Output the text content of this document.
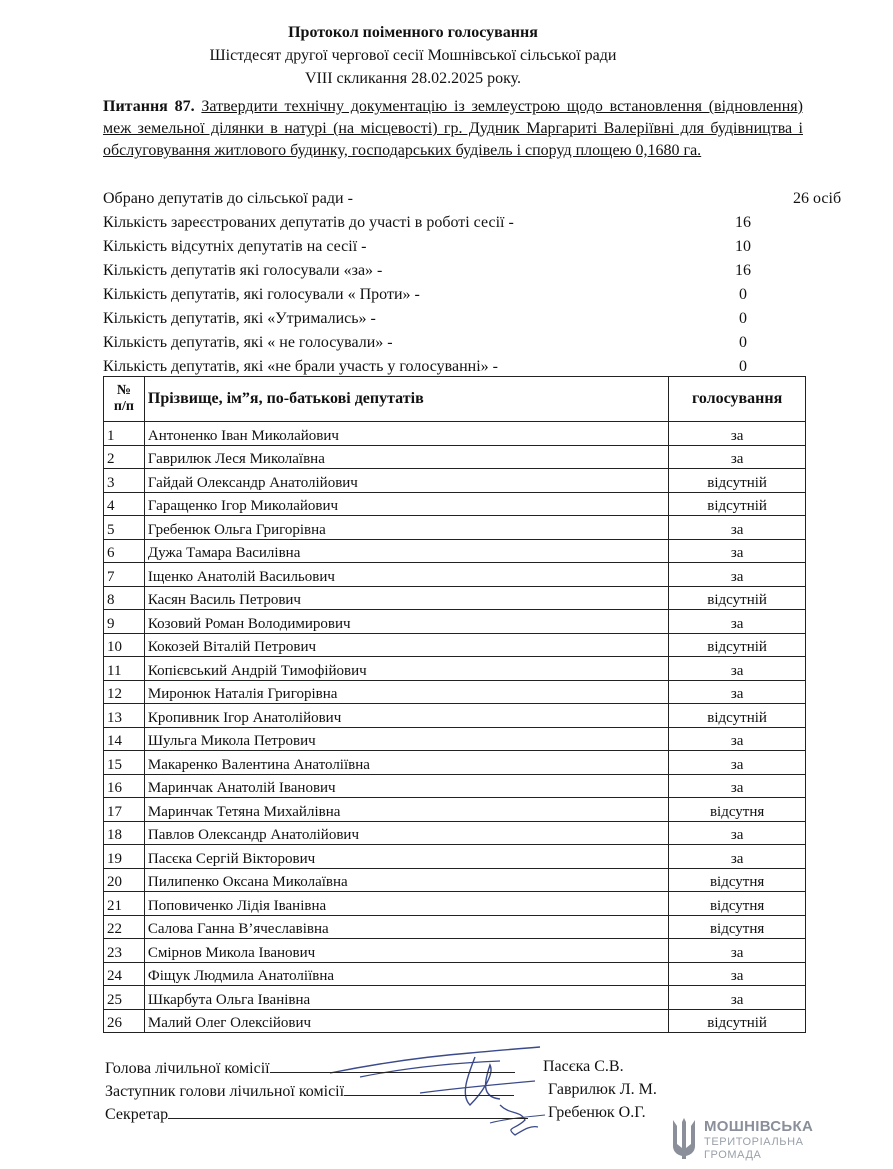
Протокол поіменного голосування
Шістдесят другої чергової сесії Мошнівської сільської ради
VIII скликання 28.02.2025 року.
Питання 87. Затвердити технічну документацію із землеустрою щодо встановлення (відновлення) меж земельної ділянки в натурі (на місцевості) гр. Дудник Маргариті Валеріївні для будівництва і обслуговування житлового будинку, господарських будівель і споруд площею 0,1680 га.
Обрано депутатів до сільської ради -	26 осіб
Кількість зареєстрованих депутатів до участі в роботі сесії -	16
Кількість відсутніх депутатів на сесії -	10
Кількість депутатів які голосували «за» -	16
Кількість депутатів, які голосували « Проти» -	0
Кількість депутатів, які «Утримались» -	0
Кількість депутатів, які « не голосували» -	0
Кількість депутатів, які «не брали участь у голосуванні» -	0
№
п/п	Прізвище, ім”я, по-батькові депутатів	голосування
1	Антоненко Іван Миколайович	за
2	Гаврилюк Леся Миколаївна	за
3	Гайдай Олександр Анатолійович	відсутній
4	Гаращенко Ігор Миколайович	відсутній
5	Гребенюк Ольга Григорівна	за
6	Дужа Тамара Василівна	за
7	Іщенко Анатолій Васильович	за
8	Касян Василь Петрович	відсутній
9	Козовий Роман Володимирович	за
10	Кокозей Віталій Петрович	відсутній
11	Копієвський Андрій Тимофійович	за
12	Миронюк Наталія Григорівна	за
13	Кропивник Ігор Анатолійович	відсутній
14	Шульга Микола Петрович	за
15	Макаренко Валентина Анатоліївна	за
16	Маринчак Анатолій Іванович	за
17	Маринчак Тетяна Михайлівна	відсутня
18	Павлов Олександр Анатолійович	за
19	Пасєка Сергій Вікторович	за
20	Пилипенко Оксана Миколаївна	відсутня
21	Поповиченко Лідія Іванівна	відсутня
22	Салова Ганна В’ячеславівна	відсутня
23	Смірнов Микола Іванович	за
24	Фіщук Людмила Анатоліївна	за
25	Шкарбута Ольга Іванівна	за
26	Малий Олег Олексійович	відсутній
Голова лічильної комісії	Пасєка С.В.
Заступник голови лічильної комісії	Гаврилюк Л. М.
Секретар	Гребенюк О.Г.
МОШНІВСЬКА
ТЕРИТОРІАЛЬНА
ГРОМАДА
